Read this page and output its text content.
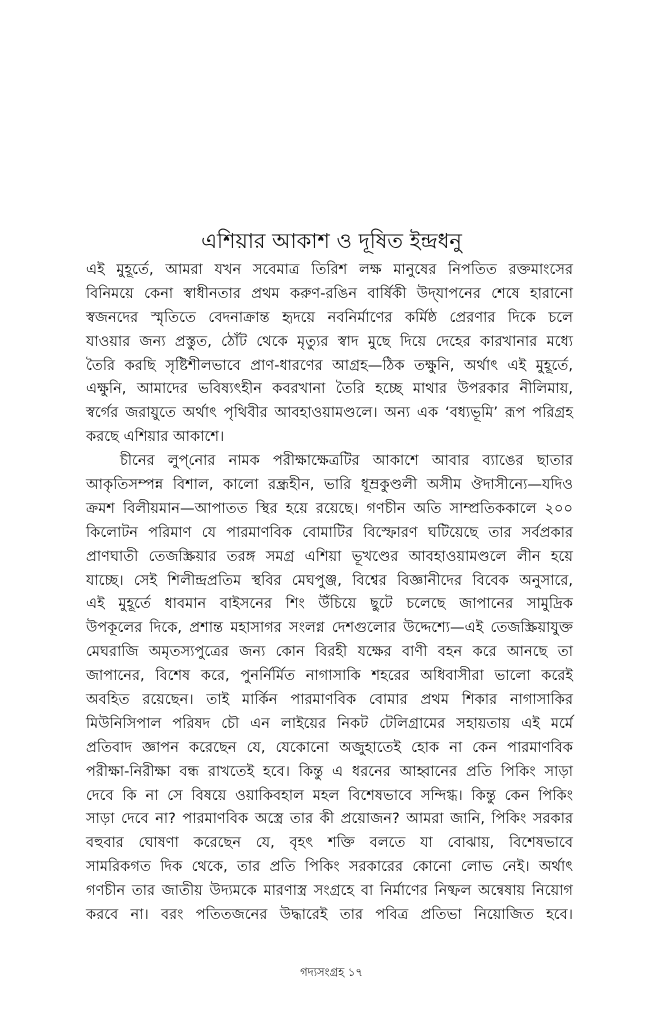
এশিয়ার আকাশ ও দূষিত ইন্দ্রধনু

এই মুহূর্তে, আমরা যখন সবেমাত্র তিরিশ লক্ষ মানুষের নিপতিত রক্তমাংসের
বিনিময়ে কেনা স্বাধীনতার প্রথম করুণ-রঙিন বার্ষিকী উদ্‌যাপনের শেষে হারানো
স্বজনদের স্মৃতিতে বেদনাক্রান্ত হৃদয়ে নবনির্মাণের কর্মিষ্ঠ প্রেরণার দিকে চলে
যাওয়ার জন্য প্রস্তুত, ঠোঁট থেকে মৃত্যুর স্বাদ মুছে দিয়ে দেহের কারখানার মধ্যে
তৈরি করছি সৃষ্টিশীলভাবে প্রাণ-ধারণের আগ্রহ—ঠিক তক্ষুনি, অর্থাৎ এই মুহূর্তে,
এক্ষুনি, আমাদের ভবিষ্যৎহীন কবরখানা তৈরি হচ্ছে মাথার উপরকার নীলিমায়,
স্বর্গের জরায়ুতে অর্থাৎ পৃথিবীর আবহাওয়ামণ্ডলে। অন্য এক ‘বধ্যভূমি’ রূপ পরিগ্রহ
করছে এশিয়ার আকাশে।

চীনের লুপ্‌নোর নামক পরীক্ষাক্ষেত্রটির আকাশে আবার ব্যাঙের ছাতার
আকৃতিসম্পন্ন বিশাল, কালো রন্ধ্রহীন, ভারি ধূম্রকুণ্ডলী অসীম ঔদাসীন্যে—যদিও
ক্রমশ বিলীয়মান—আপাতত স্থির হয়ে রয়েছে। গণচীন অতি সাম্প্রতিককালে ২০০
কিলোটন পরিমাণ যে পারমাণবিক বোমাটির বিস্ফোরণ ঘটিয়েছে তার সর্বপ্রকার
প্রাণঘাতী তেজস্ক্রিয়ার তরঙ্গ সমগ্র এশিয়া ভূখণ্ডের আবহাওয়ামণ্ডলে লীন হয়ে
যাচ্ছে। সেই শিলীন্দ্রপ্রতিম স্থবির মেঘপুঞ্জ, বিশ্বের বিজ্ঞানীদের বিবেক অনুসারে,
এই মুহূর্তে ধাবমান বাইসনের শিং উঁচিয়ে ছুটে চলেছে জাপানের সামুদ্রিক
উপকূলের দিকে, প্রশান্ত মহাসাগর সংলগ্ন দেশগুলোর উদ্দেশ্যে—এই তেজস্ক্রিয়াযুক্ত
মেঘরাজি অমৃতস্যপুত্রের জন্য কোন বিরহী যক্ষের বাণী বহন করে আনছে তা
জাপানের, বিশেষ করে, পুনর্নির্মিত নাগাসাকি শহরের অধিবাসীরা ভালো করেই
অবহিত রয়েছেন। তাই মার্কিন পারমাণবিক বোমার প্রথম শিকার নাগাসাকির
মিউনিসিপাল পরিষদ চৌ এন লাইয়ের নিকট টেলিগ্রামের সহায়তায় এই মর্মে
প্রতিবাদ জ্ঞাপন করেছেন যে, যেকোনো অজুহাতেই হোক না কেন পারমাণবিক
পরীক্ষা-নিরীক্ষা বন্ধ রাখতেই হবে। কিন্তু এ ধরনের আহ্বানের প্রতি পিকিং সাড়া
দেবে কি না সে বিষয়ে ওয়াকিবহাল মহল বিশেষভাবে সন্দিগ্ধ। কিন্তু কেন পিকিং
সাড়া দেবে না? পারমাণবিক অস্ত্রে তার কী প্রয়োজন? আমরা জানি, পিকিং সরকার
বহুবার ঘোষণা করেছেন যে, বৃহৎ শক্তি বলতে যা বোঝায়, বিশেষভাবে
সামরিকগত দিক থেকে, তার প্রতি পিকিং সরকারের কোনো লোভ নেই। অর্থাৎ
গণচীন তার জাতীয় উদ্যমকে মারণাস্ত্র সংগ্রহে বা নির্মাণের নিষ্ফল অন্বেষায় নিয়োগ
করবে না। বরং পতিতজনের উদ্ধারেই তার পবিত্র প্রতিভা নিয়োজিত হবে।

গদ্যসংগ্রহ ১৭
